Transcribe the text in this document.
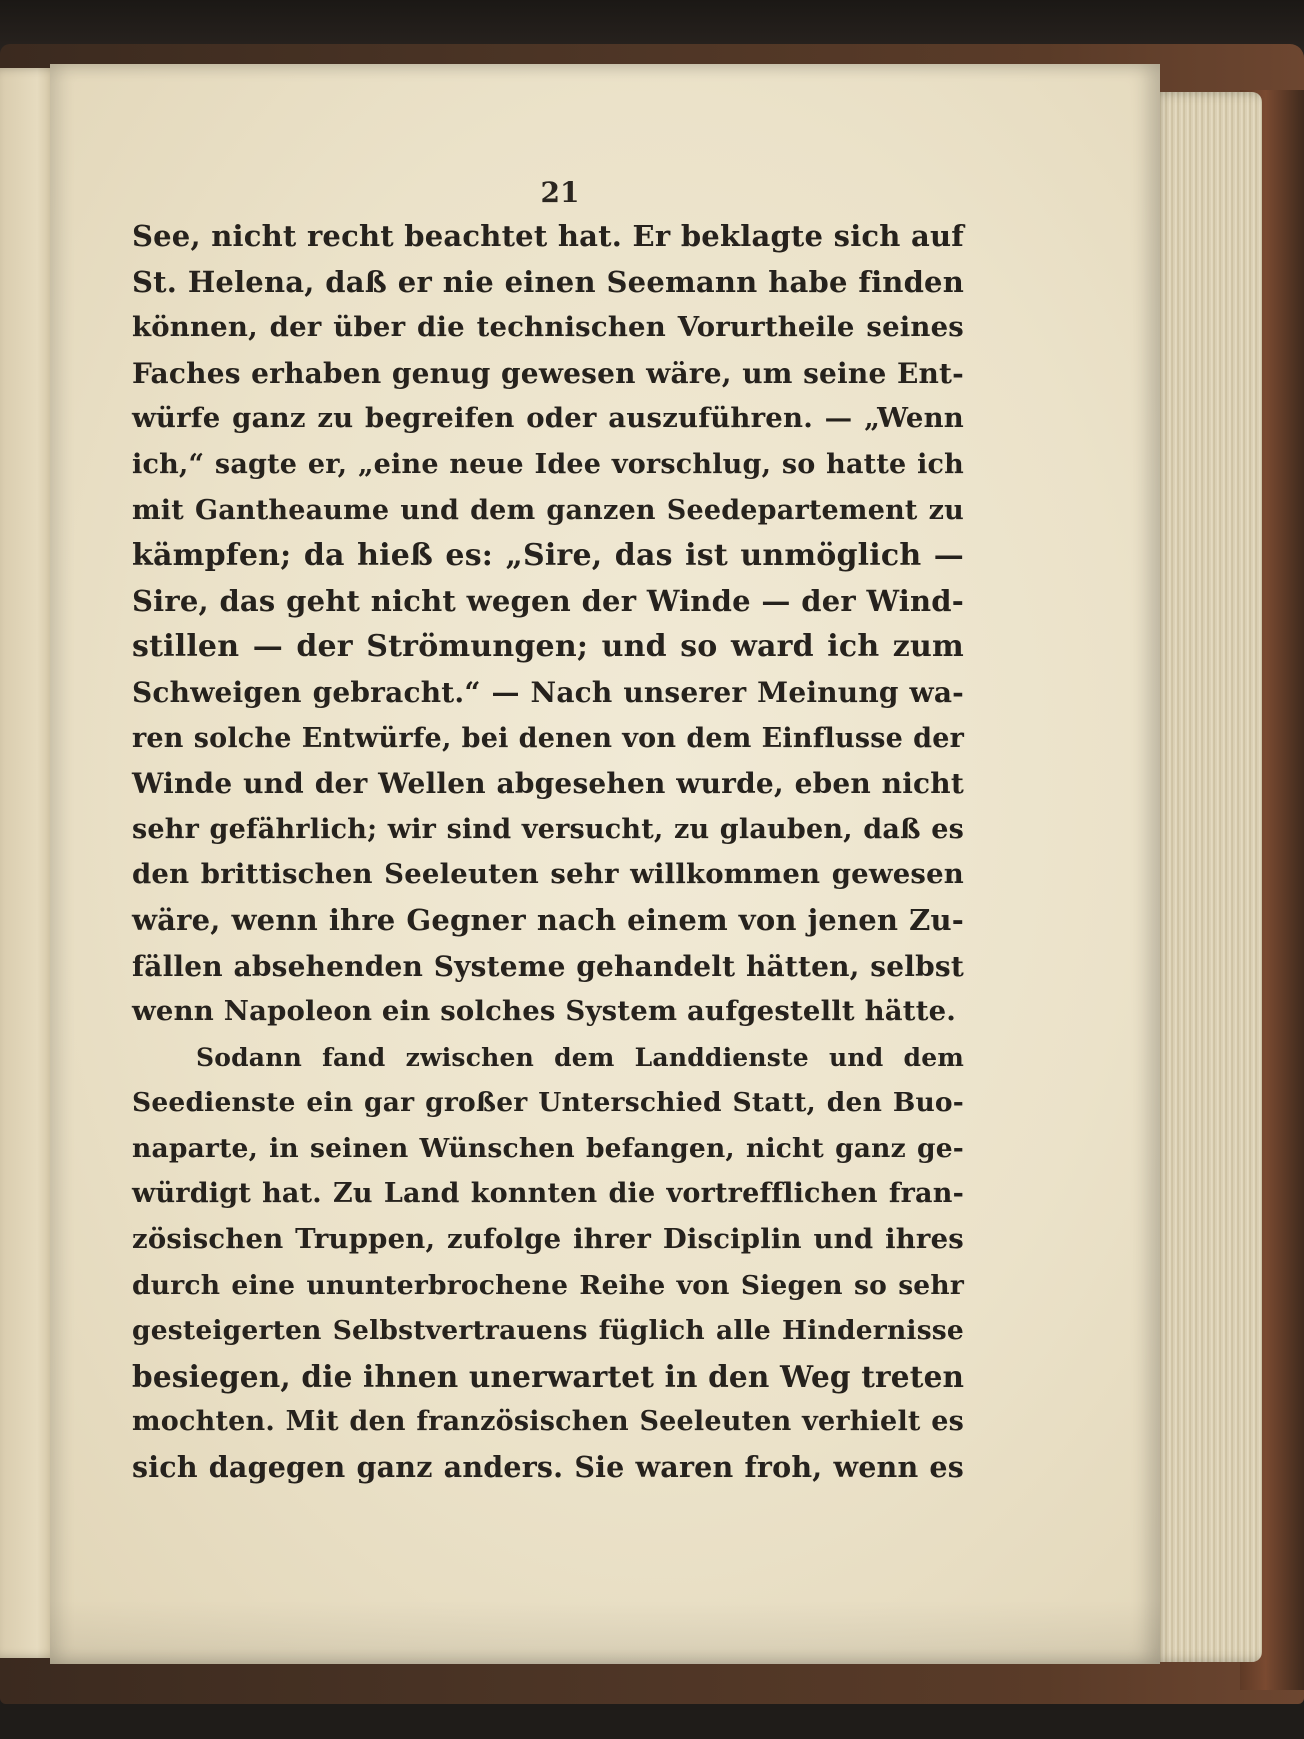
21
See, nicht recht beachtet hat. Er beklagte sich auf
St. Helena, daß er nie einen Seemann habe finden
können, der über die technischen Vorurtheile seines
Faches erhaben genug gewesen wäre, um seine Ent-
würfe ganz zu begreifen oder auszuführen. — „Wenn
ich,“ sagte er, „eine neue Idee vorschlug, so hatte ich
mit Gantheaume und dem ganzen Seedepartement zu
kämpfen; da hieß es: „Sire, das ist unmöglich —
Sire, das geht nicht wegen der Winde — der Wind-
stillen — der Strömungen; und so ward ich zum
Schweigen gebracht.“ — Nach unserer Meinung wa-
ren solche Entwürfe, bei denen von dem Einflusse der
Winde und der Wellen abgesehen wurde, eben nicht
sehr gefährlich; wir sind versucht, zu glauben, daß es
den brittischen Seeleuten sehr willkommen gewesen
wäre, wenn ihre Gegner nach einem von jenen Zu-
fällen absehenden Systeme gehandelt hätten, selbst
wenn Napoleon ein solches System aufgestellt hätte.
Sodann fand zwischen dem Landdienste und dem
Seedienste ein gar großer Unterschied Statt, den Buo-
naparte, in seinen Wünschen befangen, nicht ganz ge-
würdigt hat. Zu Land konnten die vortrefflichen fran-
zösischen Truppen, zufolge ihrer Disciplin und ihres
durch eine ununterbrochene Reihe von Siegen so sehr
gesteigerten Selbstvertrauens füglich alle Hindernisse
besiegen, die ihnen unerwartet in den Weg treten
mochten. Mit den französischen Seeleuten verhielt es
sich dagegen ganz anders. Sie waren froh, wenn es
